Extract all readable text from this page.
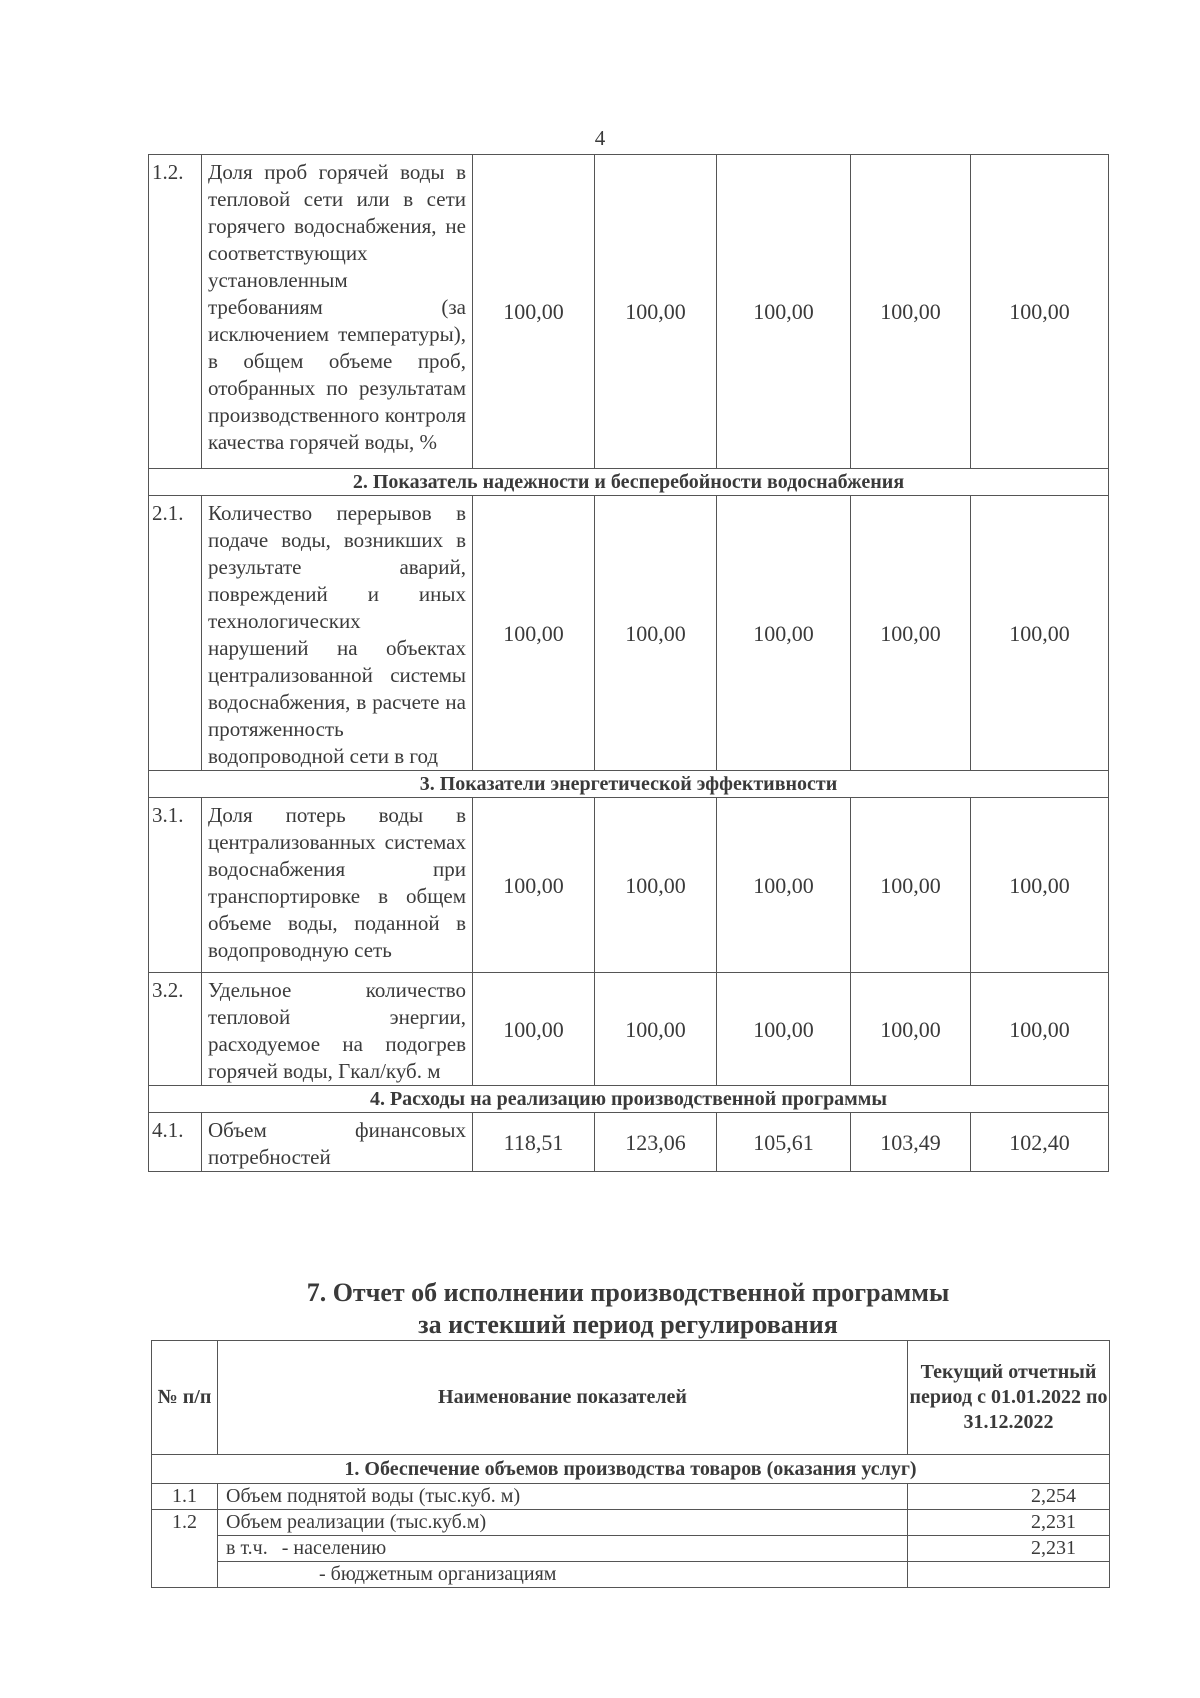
4
1.2.	Доля проб горячей воды в тепловой сети или в сети горячего водоснабжения, не соответствующих установленным требованиям (за исключением температуры), в общем объеме проб, отобранных по результатам производственного контроля качества горячей воды, %	100,00	100,00	100,00	100,00	100,00
2. Показатель надежности и бесперебойности водоснабжения						
2.1.	Количество перерывов в подаче воды, возникших в результате аварий, повреждений и иных технологических нарушений на объектах централизованной системы водоснабжения, в расчете на протяженность водопроводной сети в год	100,00	100,00	100,00	100,00	100,00
3. Показатели энергетической эффективности						
3.1.	Доля потерь воды в централизованных системах водоснабжения при транспортировке в общем объеме воды, поданной в водопроводную сеть	100,00	100,00	100,00	100,00	100,00
3.2.	Удельное количество тепловой энергии, расходуемое на подогрев горячей воды, Гкал/куб. м	100,00	100,00	100,00	100,00	100,00
4. Расходы на реализацию производственной программы						
4.1.	Объем финансовых потребностей	118,51	123,06	105,61	103,49	102,40
7. Отчет об исполнении производственной программы
за истекший период регулирования
№ п/п	Наименование показателей	Текущий отчетный период с 01.01.2022 по 31.12.2022
1. Обеспечение объемов производства товаров (оказания услуг)		
1.1	Объем поднятой воды (тыс.куб. м)	2,254
1.2	Объем реализации (тыс.куб.м)	2,231
	в т.ч. - населению	2,231
	- бюджетным организациям	
